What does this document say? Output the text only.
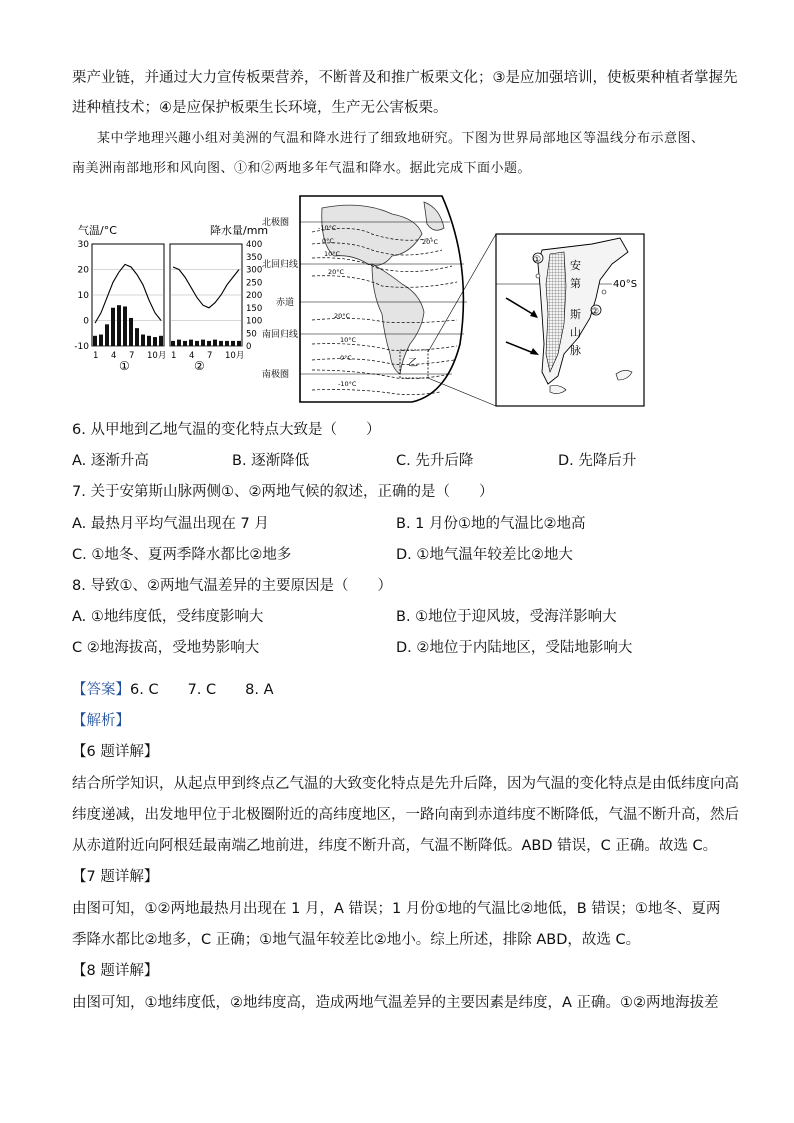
栗产业链，并通过大力宣传板栗营养，不断普及和推广板栗文化；③是应加强培训，使板栗种植者掌握先
进种植技术；④是应保护板栗生长环境，生产无公害板栗。
某中学地理兴趣小组对美洲的气温和降水进行了细致地研究。下图为世界局部地区等温线分布示意图、
南美洲南部地形和风向图、①和②两地多年气温和降水。据此完成下面小题。
气温/°C	降水量/mm
30
20
10
0
-10
400
350
300
250
200
150
100
50
0
1 4 7 10月 1 4 7 10月
①	②
北极圈
北回归线
赤道
南回归线
南极圈
-10°C
0°C
10°C
20°C
20°C
20°C
10°C
0°C
-10°C
乙
40°S
安
第
斯
山
脉
①
②
6. 从甲地到乙地气温的变化特点大致是（　　）
A. 逐渐升高	B. 逐渐降低	C. 先升后降	D. 先降后升
7. 关于安第斯山脉两侧①、②两地气候的叙述，正确的是（　　）
A. 最热月平均气温出现在 7 月	B. 1 月份①地的气温比②地高
C. ①地冬、夏两季降水都比②地多	D. ①地气温年较差比②地大
8. 导致①、②两地气温差异的主要原因是（　　）
A. ①地纬度低，受纬度影响大	B. ①地位于迎风坡，受海洋影响大
C ②地海拔高，受地势影响大	D. ②地位于内陆地区，受陆地影响大
【答案】6. C　　7. C　　8. A
【解析】
【6 题详解】
结合所学知识，从起点甲到终点乙气温的大致变化特点是先升后降，因为气温的变化特点是由低纬度向高
纬度递减，出发地甲位于北极圈附近的高纬度地区，一路向南到赤道纬度不断降低，气温不断升高，然后
从赤道附近向阿根廷最南端乙地前进，纬度不断升高，气温不断降低。ABD 错误，C 正确。故选 C。
【7 题详解】
由图可知，①②两地最热月出现在 1 月，A 错误；1 月份①地的气温比②地低，B 错误；①地冬、夏两
季降水都比②地多，C 正确；①地气温年较差比②地小。综上所述，排除 ABD，故选 C。
【8 题详解】
由图可知，①地纬度低，②地纬度高，造成两地气温差异的主要因素是纬度，A 正确。①②两地海拔差
